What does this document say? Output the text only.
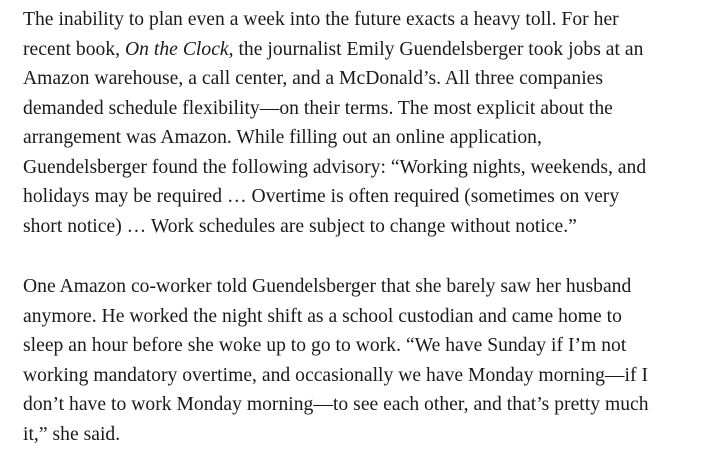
The inability to plan even a week into the future exacts a heavy toll. For her
recent book, On the Clock, the journalist Emily Guendelsberger took jobs at an
Amazon warehouse, a call center, and a McDonald’s. All three companies
demanded schedule flexibility—on their terms. The most explicit about the
arrangement was Amazon. While filling out an online application,
Guendelsberger found the following advisory: “Working nights, weekends, and
holidays may be required … Overtime is often required (sometimes on very
short notice) … Work schedules are subject to change without notice.”

One Amazon co-worker told Guendelsberger that she barely saw her husband
anymore. He worked the night shift as a school custodian and came home to
sleep an hour before she woke up to go to work. “We have Sunday if I’m not
working mandatory overtime, and occasionally we have Monday morning—if I
don’t have to work Monday morning—to see each other, and that’s pretty much
it,” she said.
